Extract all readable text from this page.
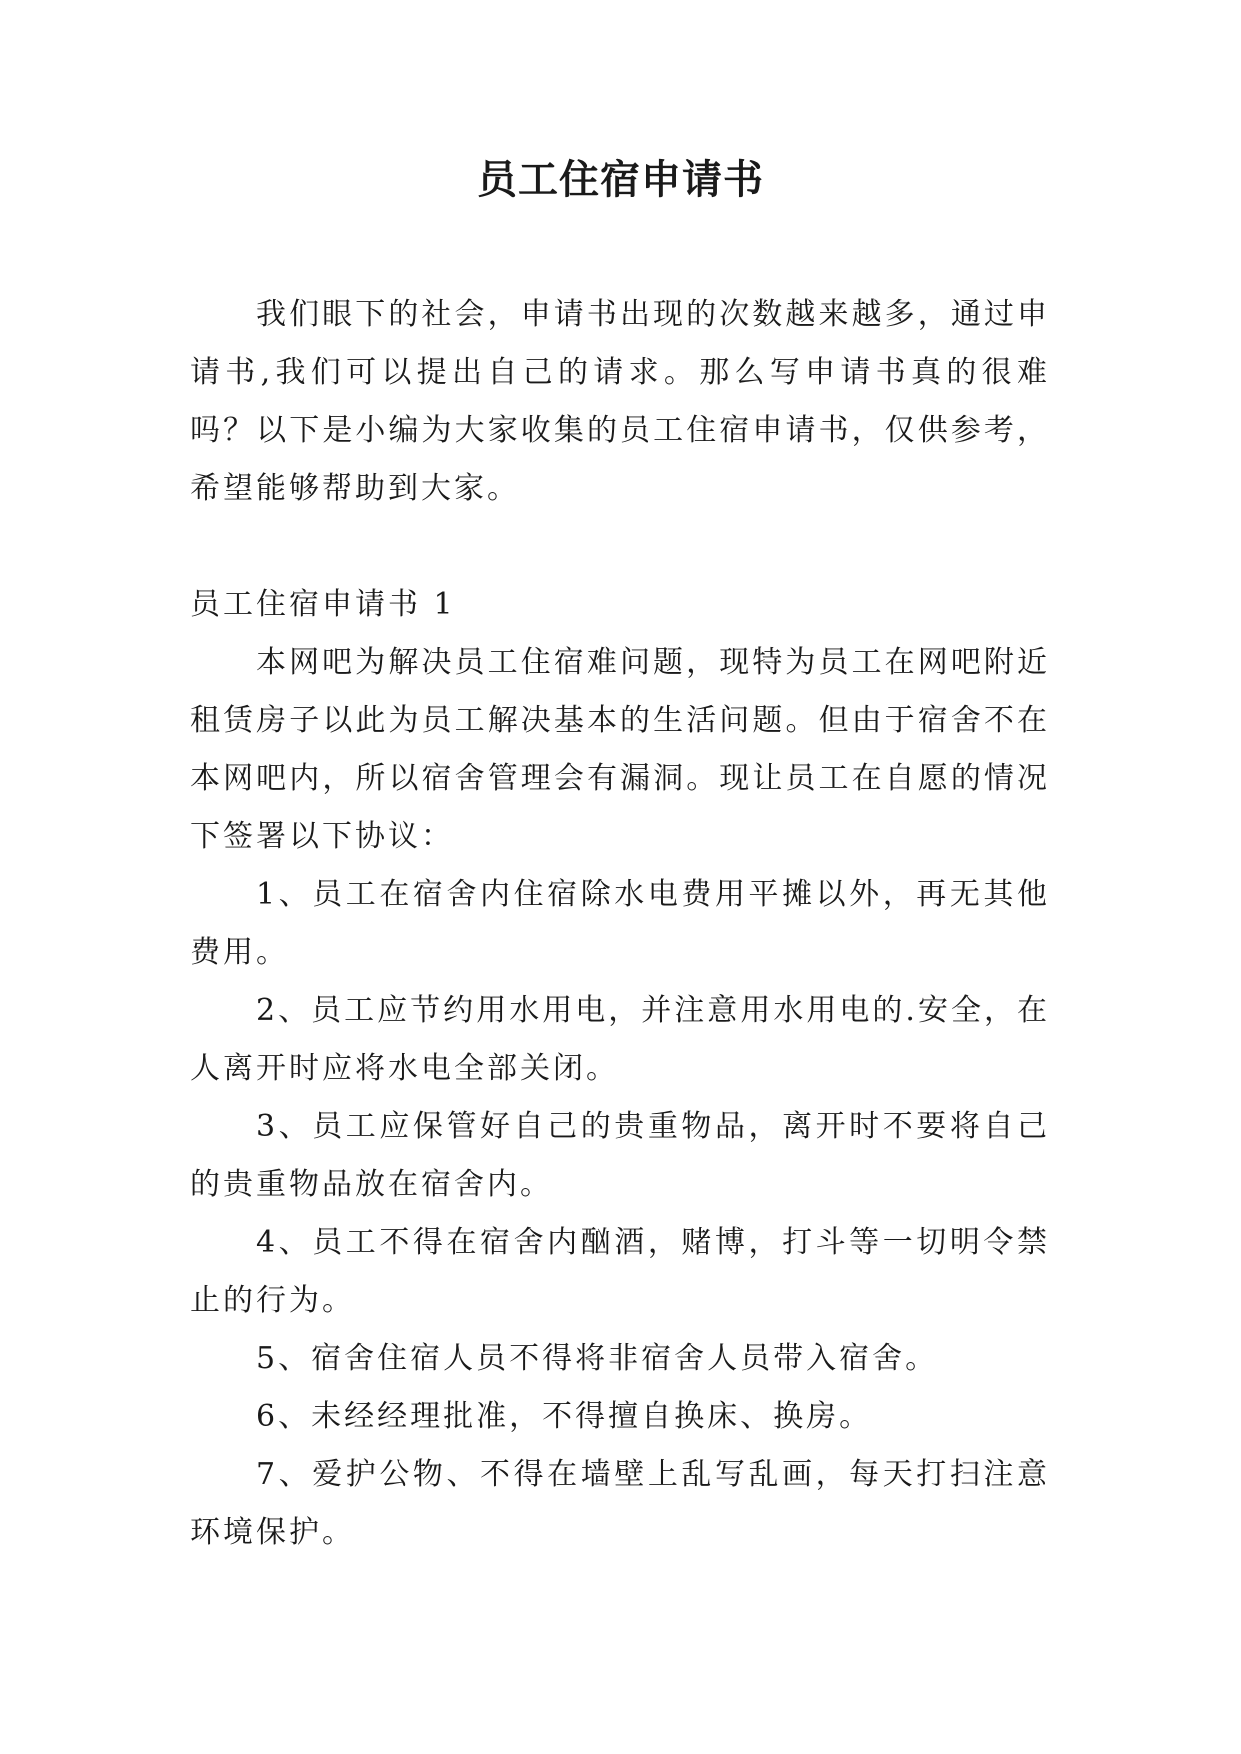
员工住宿申请书

我们眼下的社会，申请书出现的次数越来越多，通过申请书,我们可以提出自己的请求。那么写申请书真的很难吗？以下是小编为大家收集的员工住宿申请书，仅供参考，希望能够帮助到大家。

员工住宿申请书 1

本网吧为解决员工住宿难问题，现特为员工在网吧附近租赁房子以此为员工解决基本的生活问题。但由于宿舍不在本网吧内，所以宿舍管理会有漏洞。现让员工在自愿的情况下签署以下协议：

1、员工在宿舍内住宿除水电费用平摊以外，再无其他费用。

2、员工应节约用水用电，并注意用水用电的.安全，在人离开时应将水电全部关闭。

3、员工应保管好自己的贵重物品，离开时不要将自己的贵重物品放在宿舍内。

4、员工不得在宿舍内酗酒，赌博，打斗等一切明令禁止的行为。

5、宿舍住宿人员不得将非宿舍人员带入宿舍。

6、未经经理批准，不得擅自换床、换房。

7、爱护公物、不得在墙壁上乱写乱画，每天打扫注意环境保护。
